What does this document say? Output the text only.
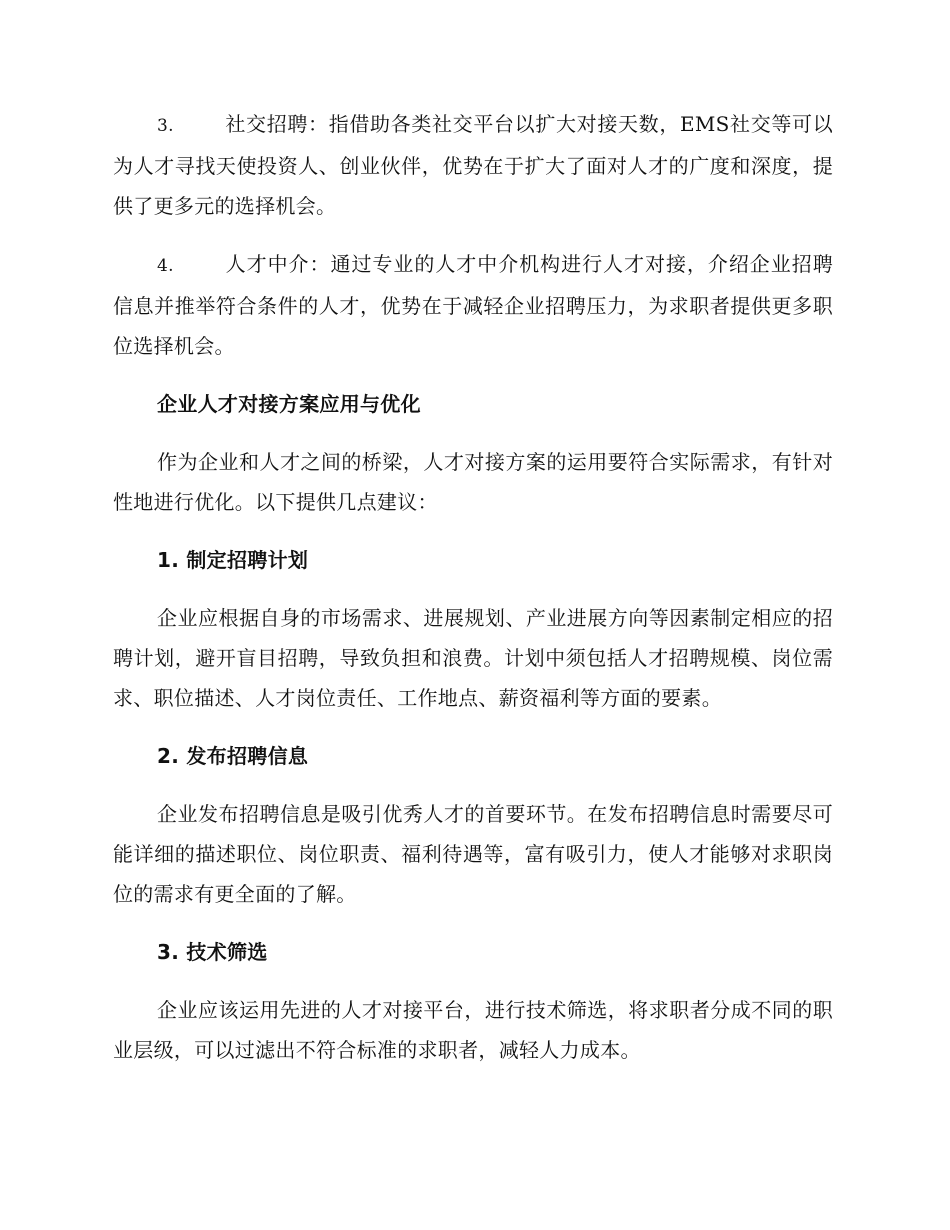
3.	社交招聘：指借助各类社交平台以扩大对接天数，EMS社交等可以为人才寻找天使投资人、创业伙伴，优势在于扩大了面对人才的广度和深度，提供了更多元的选择机会。

4.	人才中介：通过专业的人才中介机构进行人才对接，介绍企业招聘信息并推举符合条件的人才，优势在于减轻企业招聘压力，为求职者提供更多职位选择机会。

企业人才对接方案应用与优化

作为企业和人才之间的桥梁，人才对接方案的运用要符合实际需求，有针对性地进行优化。以下提供几点建议：

1. 制定招聘计划

企业应根据自身的市场需求、进展规划、产业进展方向等因素制定相应的招聘计划，避开盲目招聘，导致负担和浪费。计划中须包括人才招聘规模、岗位需求、职位描述、人才岗位责任、工作地点、薪资福利等方面的要素。

2. 发布招聘信息

企业发布招聘信息是吸引优秀人才的首要环节。在发布招聘信息时需要尽可能详细的描述职位、岗位职责、福利待遇等，富有吸引力，使人才能够对求职岗位的需求有更全面的了解。

3. 技术筛选

企业应该运用先进的人才对接平台，进行技术筛选，将求职者分成不同的职业层级，可以过滤出不符合标准的求职者，减轻人力成本。
